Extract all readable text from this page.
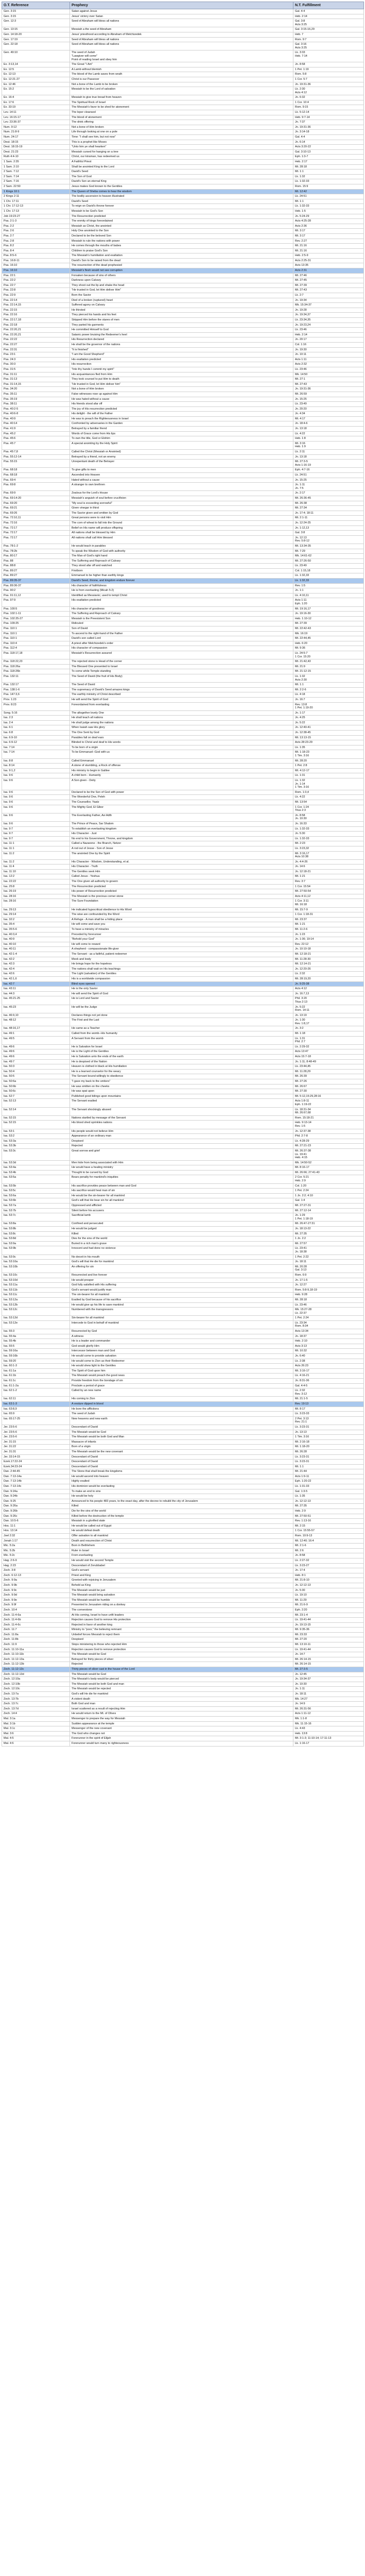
O.T. Reference	Prophecy	N.T. Fulfillment
Gen. 3:15	Satan against Jesus	Gal. 4:4
Gen. 3:15	Jesus' victory over Satan	Heb. 2:14
Gen. 12:3	Seed of Abraham will bless all nations	Gal. 3:8
Acts 3:25
Gen. 13:15	Messiah a the seed of Abraham	Gal. 3:15-16,29
Gen. 14:18-20	Jesus' priesthood according to Abraham of Melchizedek	Heb. 7
Gen. 17:19	Seed of Abraham will bless all nations	Rom. 9:7
Gen. 22:18	Seed of Abraham will bless all nations	Gal. 3:16
Acts 3:25
Gen. 49:10	The seed of Judah
"Lawgiver will come"
Point of reading Israel and obey him	Lk. 3:33
Heb. 7:14
Ex. 3:13,14	The Great "I Am"	Jn. 8:58
Ex. 12:5	A Lamb without blemish	1 Pet. 1:19
Ex. 12:13	The blood of the Lamb saves from wrath	Rom. 5:8
Ex. 12:21-27	Christ is our Passover	1 Cor. 5:7
Ex. 12:46	Not a bone of the Lamb to be broken	Jn. 19:31-36
Ex. 15:2	Messiah to be the Lord of salvation	Lk. 2:30
Acts 4:12
Ex. 16:4	Messiah to give true bread from heaven	Jn. 6:32
Ex. 17:6	The Spiritual Rock of Israel	1 Cor. 10:4
Ex. 33:19	The Messiah's favor to be shed for atonement	Rom. 9:15
Lev. 14:11	The leper cleansed	Lk. 5:12-14
Lev. 16:15-17	The blood of atonement	Heb. 9:7-14
Lev. 23:36-37	The drink offering	Jn. 7:37
Num. 9:12	Not a bone of Him broken	Jn. 19:31-36
Num. 21:8-9	Life through looking at one on a pole	Jn. 3:14-18
Num. 24:17	Time: "I shall see him, but not now"	Gal. 4:4
Deut. 18:15	This is a prophet like Moses	Jn. 6:14
Deut. 18:15-19	"Unto him ye shall hearken"	Acts 3:20-22
Deut. 21:23	Messiah cursed for hanging on a tree	Gal. 3:10-13
Ruth 4:4-10	Christ, our kinsman, has redeemed us	Eph. 1:3-7
1 Sam. 2:35	A Faithful Priest	Heb. 2:17
1 Sam. 2:10	Shall be anointed King to the Lord	Mt. 28:18
2 Sam. 7:12	David's Seed	Mt. 1:1
2 Sam. 7:14	The Son of God	Lk. 1:32
2 Sam. 7:16	David's Son an eternal King	Lk. 1:32-33
2 Sam. 22:50	Jesus makes God known to the Gentiles	Rom. 15:9
1 Kings 10:1	The Queen of Sheba comes to hear the wisdom	Mt. 12:42
2 Kings 2:11	The bodily ascension to heaven illustrated	Lk. 24:51
1 Chr. 17:11	David's Seed	Mt. 1:1
1 Chr. 17:12-13	To reign on David's throne forever	Lk. 1:32-33
1 Chr. 17:13	Messiah to be God's Son	Heb. 1:5
Job 19:23-27	The Resurrection predicted	Jn. 5:24-29
Psa. 2:1-3	The enmity of kings foreordained	Acts 4:25-28
Psa. 2:2	Messiah as Christ, the anointed	Acts 2:36
Psa. 2:6	Holy One anointed to the Son	Mt. 3:17
Psa. 2:7	Declared to be the beloved Son	Mt. 3:17
Psa. 2:8	Messiah to rule the nations with power	Rev. 2:27
Psa. 8:2	He comes through the mouths of babes	Mt. 21:16
Psa. 8:4	Children to praise God's Son	Mt. 21:16
Psa. 8:5-6	The Messiah's humiliation and exaltation	Heb. 2:5-9
Psa. 16:8-11	David's Son to be raised from the dead	Acts 2:25-31
Psa. 16:10	The resurrection of the dead prophesied	Acts 13:35
Psa. 16:10	Messiah's flesh would not see corruption	Acts 2:31
Psa. 22:1	Forsaken because of sins of others	Mt. 27:46
Psa. 22:2	Darkness upon Calvary	Mt. 27:45
Psa. 22:7	They shoot out the lip and shake the head	Mt. 27:39
Psa. 22:8	"He trusted in God, let Him deliver Him"	Mt. 27:43
Psa. 22:9	Born the Savior	Lk. 2:7
Psa. 22:14	Died of a broken (ruptured) heart	Jn. 19:34
Psa. 22:14,15	Suffered agony on Calvary	Mk. 15:34-37
Psa. 22:15	He thirsted	Jn. 19:28
Psa. 22:16	They pierced his hands and his feet	Jn. 19:34,37
Psa. 22:17,18	Stripped Him before the stares of men	Lk. 23:34,35
Psa. 22:18	They parted his garments	Jn. 19:23,24
Psa. 22:20,21	He committed Himself to God	Lk. 23:46
Psa. 22:20,21	Satanic power bruising the Redeemer's heel	Heb. 2:14
Psa. 22:22	His Resurrection declared	Jn. 20:17
Psa. 22:27	He shall be the governor of the nations	Col. 1:16
Psa. 22:31	"It is finished"	Jn. 19:30
Psa. 23:1	"I am the Good Shepherd"	Jn. 10:11
Psa. 24:3	His exaltation predicted	Acts 1:11
Psa. 30:3	His resurrection	Acts 2:32
Psa. 31:5	"Into thy hands I commit my spirit"	Lk. 23:46
Psa. 31:11	His acquaintances fled from Him	Mk. 14:50
Psa. 31:13	They took counsel to put Him to death	Mt. 27:1
Psa. 31:14,15	"He trusted in God, let Him deliver him"	Mt. 27:43
Psa. 34:20	Not a bone of Him broken	Jn. 19:31-36
Psa. 35:11	False witnesses rose up against Him	Mt. 26:59
Psa. 35:19	He was hated without a cause	Jn. 15:25
Psa. 38:11	His friends stood afar off	Lk. 23:49
Psa. 40:2-5	The joy of His resurrection predicted	Jn. 20:20
Psa. 40:6-8	His delight - the will of the Father	Jn. 4:34
Psa. 40:9	He was to preach the Righteousness in Israel	Mt. 4:17
Psa. 40:14	Confronted by adversaries in the Garden	Jn. 18:4-6
Psa. 41:9	Betrayed by a familiar friend	Jn. 13:18
Psa. 45:2	Words of Grace come from His lips	Lk. 4:22
Psa. 45:6	To own the title, God or Elohim	Heb. 1:8
Psa. 45:7	A special anointing by the Holy Spirit	Mt. 3:16
Heb. 1:9
Psa. 45:7,8	Called the Christ (Messiah or Anointed)	Lk. 2:11
Psa. 55:12-14	Betrayed by a friend, not an enemy	Jn. 13:18
Psa. 55:15	Unrepentant death of the Betrayer	Mt. 27:3-5
Acts 1:16-19
Psa. 68:18	To give gifts to men	Eph. 4:7-16
Psa. 68:18	Ascended into Heaven	Lk. 24:51
Psa. 69:4	Hated without a cause	Jn. 15:25
Psa. 69:8	A stranger to own brethren	Jn. 1:11
Jn. 7:5
Psa. 69:9	Zealous for the Lord's House	Jn. 2:17
Psa. 69:14-20	Messiah's anguish of soul before crucifixion	Mt. 26:36-45
Psa. 69:20	"My soul is exceeding sorrowful"	Mt. 26:38
Psa. 69:21	Given vinegar in thirst	Mt. 27:34
Psa. 69:26	The Savior given and smitten by God	Jn. 17:4; 18:11
Psa. 72:10,11	Great persons were to visit Him	Mt. 2:1-11
Psa. 72:16	The corn of wheat to fall into the Ground	Jn. 12:24-25
Psa. 72:17	Belief on His name will produce offspring	Jn. 1:12,13
Psa. 72:17	All nations shall be blessed by Him	Gal. 3:8
Psa. 72:17	All nations shall call Him blessed	Jn. 12:13
Rev. 5:8-12
Psa. 78:1-2	He would teach in parables	Mt. 13:34-35
Psa. 78:2b	To speak the Wisdom of God with authority	Mt. 7:29
Psa. 80:17	The Man of God's right hand	Mk. 14:61-62
Psa. 88	The Suffering and Reproach of Calvary	Mt. 27:26-50
Psa. 88:8	They stood afar off and watched	Lk. 23:49
Psa. 89:27	Firstborn	Col. 1:15,18
Psa. 89:27	Emmanuel to be higher than earthly kings	Lk. 1:32,33
Psa. 89:35-37	David's Seed, throne, and kingdom endure forever	Lk. 1:32,33
Psa. 89:36-37	His character of faithfulness	Rev. 1:5
Psa. 90:2	He is from everlasting (Micah 5:2)	Jn. 1:1
Psa. 91:11,12	Identified as Messianic; used to tempt Christ	Lk. 4:10,11
Psa. 97:9	His exaltation predicted	Acts 1:11
Eph. 1:20
Psa. 100:5	His character of goodness	Mt. 19:16,17
Psa. 102:1-11	The Suffering and Reproach of Calvary	Jn. 19:16-30
Psa. 102:25-27	Messiah is the Preexistent Son	Heb. 1:10-12
Psa. 109:25	Ridiculed	Mt. 27:39
Psa. 110:1	Son of David	Mt. 22:42-43
Psa. 110:1	To ascend to the right-hand of the Father	Mk. 16:19
Psa. 110:1	David's son called Lord	Mt. 22:44,45
Psa. 110:4	A priest after Melchizedek's order	Heb. 6:20
Psa. 112:4	His character of compassion	Mt. 9:36
Psa. 118:17,18	Messiah's Resurrection assured	Lk. 24:5-7
1 Cor. 15:20
Psa. 118:22,23	The rejected stone is Head of the corner	Mt. 21:42,43
Psa. 118:26a	The Blessed One presented to Israel	Mt. 21:9
Psa. 118:26b	To come while Temple standing	Mt. 21:12-15
Psa. 132:11	The Seed of David (the fruit of His Body)	Lk. 1:32
Acts 2:30
Psa. 132:17	The Seed of David	Mt. 1:1
Psa. 138:1-6	The supremacy of David's Seed amazes kings	Mt. 2:2-6
Psa. 147:3,6	The earthly ministry of Christ described	Lk. 4:18
Prov. 1:23	He will send the Spirit of God	Jn. 16:7
Prov. 8:23	Foreordained from everlasting	Rev. 13:8
1 Pet. 1:19-20
Song. 5:16	The altogether lovely One	Jn. 1:17
Isa. 2:3	He shall teach all nations	Jn. 4:25
Isa. 2:4	He shall judge among the nations	Jn. 5:22
Isa. 6:1	When Isaiah saw His glory	Jn. 12:40-41
Isa. 6:8	The One Sent by God	Jn. 12:38-45
Isa. 6:9-10	Parables fall on deaf ears	Mt. 13:13-15
Isa. 6:9-12	Blinded to Christ and deaf to His words	Acts 28:23-29
Isa. 7:14	To be born of a virgin	Lk. 1:35
Isa. 7:14	To be Emmanuel--God with us	Mt. 1:18-23
1 Tim. 3:16
Isa. 8:8	Called Emmanuel	Mt. 28:20
Isa. 8:14	A stone of stumbling, a Rock of offense	1 Pet. 2:8
Isa. 9:1,2	His ministry to begin in Galilee	Mt. 4:12-17
Isa. 9:6	A child born - Humanity	Lk. 1:31
Isa. 9:6	A Son given - Deity	Lk. 1:32
Jn. 1:14
1 Tim. 3:16
Isa. 9:6	Declared to be the Son of God with power	Rom. 1:3,4
Isa. 9:6	The Wonderful One, Peleh	Lk. 4:22
Isa. 9:6	The Counsellor, Yaatz	Mt. 13:54
Isa. 9:6	The Mighty God, El Gibor	1 Cor. 1:24
Titus 2:3
Isa. 9:6	The Everlasting Father, Avi Adth	Jn. 8:58
Jn. 10:30
Isa. 9:6	The Prince of Peace, Sar Shalom	Jn. 16:33
Isa. 9:7	To establish an everlasting kingdom	Lk. 1:32-33
Isa. 9:7	His Character - Just	Jn. 5:30
Isa. 9:7	No end to his Government, Throne, and kingdom	Lk. 1:32-33
Isa. 11:1	Called a Nazarene - the Branch, Netzer	Mt. 2:23
Isa. 11:1	A rod out of Jesse - Son of Jesse	Lk. 3:23,32
Isa. 11:2	The anointed One by the Spirit	Mt. 3:16,17
Acts 10:38
Isa. 11:2	His Character - Wisdom, Understanding, et al.	Jn. 4:4-26
Isa. 11:4	His Character - Truth	Jn. 14:6
Isa. 11:10	The Gentiles seek Him	Jn. 12:18-21
Isa. 12:2	Called Jesus - Yeshua	Mt. 1:21
Isa. 22:22	The One given all authority to govern	Rev. 3:7
Isa. 25:8	The Resurrection predicted	1 Cor. 15:54
Isa. 26:19	His power of Resurrection predicted	Mt. 27:50-54
Isa. 28:16	The Messiah is the precious corner stone	Acts 4:11,12
Isa. 28:16	The Sure Foundation	1 Cor. 3:11
Mt. 16:18
Isa. 29:13	He indicated hypocritical obedience to His Word	Mt. 15:7-9
Isa. 29:14	The wise are confounded by the Word	1 Cor. 1:18-31
Isa. 32:2	A Refuge - A man shall be a hiding place	Mt. 23:37
Isa. 35:4	He will come and save you	Mt. 1:21
Isa. 35:5-6	To have a ministry of miracles	Mt. 11:2-6
Isa. 40:3,4	Preceded by forerunner	Jn. 1:23
Isa. 40:9	"Behold your God"	Jn. 1:36; 19:14
Isa. 40:10	He will come to reward	Rev. 22:12
Isa. 40:11	A shepherd - compassionate life-giver	Jn. 10:10-18
Isa. 42:1-4	The Servant - as a faithful, patient redeemer	Mt. 12:18-21
Isa. 42:2	Meek and lowly	Mt. 11:28-30
Isa. 42:3	He brings hope for the hopeless	Mt. 12:14-21
Isa. 42:4	The nations shall wait on His teachings	Jn. 12:20-26
Isa. 42:6	The Light (salvation) of the Gentiles	Lk. 2:32
Isa. 42:1,6	His is a worldwide compassion	Mt. 28:19,20
Isa. 42:7	Blind eyes opened	Jn. 9:25-38
Isa. 43:11	He is the only Savior	Acts 4:12
Isa. 44:3	He will send the Spirit of God	Jn. 16:7,13
Isa. 45:21-25	He is Lord and Savior	Phil. 3:20
Titus 2:13
Isa. 45:23	He will be the Judge	Jn. 5:22
Rom. 14:11
Isa. 46:9,10	Declares things not yet done	Jn. 13:19
Isa. 48:12	The First and the Last	Jn. 1:30
Rev. 1:8,17
Isa. 48:16,17	He came as a Teacher	Jn. 3:2
Isa. 49:1	Called from the womb--His humanity	Mt. 1:18
Isa. 49:5	A Servant from the womb	Lk. 1:31
Phil. 2:7
Isa. 49:6	He is Salvation for Israel	Lk. 2:29-32
Isa. 49:6	He is the Light of the Gentiles	Acts 13:47
Isa. 49:6	He is Salvation unto the ends of the earth	Acts 15:7-18
Isa. 49:7	He is despised of the Nation	Jn. 1:11; 8:48-49
Isa. 50:3	Heaven is clothed in black at His humiliation	Lk. 23:44,45
Isa. 50:4	He is a learned counselor for the weary	Mt. 11:28,29
Isa. 50:5	The Servant bound willingly to obedience	Mt. 26:39
Isa. 50:6a	"I gave my back to the smiters"	Mt. 27:26
Isa. 50:6b	He was smitten on the cheeks	Mt. 26:67
Isa. 50:6c	He was spat upon	Mt. 27:30
Isa. 52:7	Published good tidings upon mountains	Mt. 5:12,15:29,28:16
Isa. 52:13	The Servant exalted	Acts 1:8-11
Eph. 1:19-22
Isa. 52:14	The Servant shockingly abused	Lk. 18:31-34
Mt. 26:67,68
Isa. 52:15	Nations startled by message of the Servant	Rom. 15:18-21
Isa. 52:15	His blood shed sprinkles nations	Heb. 9:13-14
Rev. 1:5
Isa. 53:1	His people would not believe Him	Jn. 12:37-38
Isa. 53:2	Appearance of an ordinary man	Phil. 2:7-8
Isa. 53:3a	Despised	Lk. 4:28-29
Isa. 53:3b	Rejected	Mt. 27:21-23
Isa. 53:3c	Great sorrow and grief	Mt. 26:37-38
Lk. 19:41
Heb. 4:15
Isa. 53:3d	Men hide from being associated with Him	Mk. 14:50-52
Isa. 53:4a	He would have a healing ministry	Mt. 8:16-17
Isa. 53:4b	Thought to be cursed by God	Mt. 26:66; 27:41-43
Isa. 53:5a	Bears penalty for mankind's iniquities	2 Cor. 5:21
Heb. 2:9
Isa. 53:5b	His sacrifice provides peace between man and God	Col. 1:20
Isa. 53:5c	His sacrifice would heal man of sin	1 Pet. 2:24
Isa. 53:6a	He would be the sin-bearer for all mankind	1 Jn. 2:2; 4:10
Isa. 53:6b	God's will that He bear sin for all mankind	Gal. 1:4
Isa. 53:7a	Oppressed and afflicted	Mt. 27:27-31
Isa. 53:7b	Silent before his accusers	Mt. 27:12-14
Isa. 53:7c	Sacrificial lamb	Jn. 1:29
1 Pet. 1:18-19
Isa. 53:8a	Confined and persecuted	Mt. 26:47-27:31
Isa. 53:8b	He would be judged	Jn. 18:13-22
Isa. 53:8c	Killed	Mt. 27:35
Isa. 53:8d	Dies for the sins of the world	1 Jn. 2:2
Isa. 53:9a	Buried in a rich man's grave	Mt. 27:57
Isa. 53:9b	Innocent and had done no violence	Lk. 23:41
Jn. 18:38
Isa. 53:9c	No deceit in his mouth	1 Pet. 2:22
Isa. 53:10a	God's will that He die for mankind	Jn. 18:11
Isa. 53:10b	An offering for sin	Mt. 20:28
Gal. 3:13
Isa. 53:10c	Resurrected and live forever	Rom. 6:9
Isa. 53:10d	He would prosper	Jn. 17:1-5
Isa. 53:11a	God fully satisfied with His suffering	Jn. 12:27
Isa. 53:11b	God's servant would justify man	Rom. 5:8-9,18-19
Isa. 53:11c	The sin-bearer for all mankind	Heb. 9:28
Isa. 53:12a	Exalted by God because of his sacrifice	Mt. 28:18
Isa. 53:12b	He would give up his life to save mankind	Lk. 23:46
Isa. 53:12c	Numbered with the transgressors	Mk. 15:27-28
Lk. 22:37
Isa. 53:12d	Sin-bearer for all mankind	1 Pet. 2:24
Isa. 53:12e	Intercede to God in behalf of mankind	Lk. 23:34
Rom. 8:34
Isa. 55:3	Resurrected by God	Acts 13:34
Isa. 55:4a	A witness	Jn. 18:37
Isa. 55:4b	He is a leader and commander	Heb. 2:10
Isa. 55:5	God would glorify Him	Acts 3:13
Isa. 59:16a	Intercessor between man and God	Mt. 10:32
Isa. 59:16b	He would come to provide salvation	Jn. 6:40
Isa. 59:20	He would come to Zion as their Redeemer	Lk. 2:38
Isa. 60:1-3	He would shew light to the Gentiles	Acts 26:23
Isa. 61:1a	The Spirit of God upon him	Mt. 3:16-17
Isa. 61:1b	The Messiah would preach the good news	Lk. 4:16-21
Isa. 61:1c	Provide freedom from the bondage of sin	Jn. 8:31-36
Isa. 61:1-2a	Proclaim a period of grace	Gal. 4:4-5
Isa. 62:1-2	Called by an new name	Lk. 2:32
Rev. 3:12
Isa. 62:11	His coming to Zion	Mt. 21:1-5
Isa. 63:1-3	A vesture dipped in blood	Rev. 19:13
Isa. 63:8,9	He bore the afflictions	Mt. 8:17
Isa. 65:9	The seed of Judah	Lk. 3:23-33
Isa. 65:17-25	New heavens and new earth	2 Pet. 3:13
Rev. 21:1
Jer. 23:5-6	Descendant of David	Lk. 3:23-31
Jer. 23:5-6	The Messiah would be God	Jn. 13:13
Jer. 23:5-6	The Messiah would be both God and Man	1 Tim. 3:16
Jer. 31:15	Massacre of infants	Mt. 2:16-18
Jer. 31:22	Born of a virgin	Mt. 1:18-20
Jer. 31:31	The Messiah would be the new covenant	Mt. 26:28
Jer. 33:14-15	Descendant of David	Lk. 3:23-31
Ezek.17:22-24	Descendant of David	Lk. 3:23-31
Ezek.34:23-24	Descendant of David	Mt. 1:1
Dan. 2:44-45	The Stone that shall break the kingdoms	Mt. 21:44
Dan. 7:13-14a	He would ascend into heaven	Acts 1:9-11
Dan. 7:13-14b	Highly exalted	Eph. 1:20-22
Dan. 7:13-14c	His dominion would be everlasting	Lk. 1:31-33
Dan. 9:24a	To make an end to sins	Gal. 1:3-5
Dan. 9:24b	He would be holy	Lk. 1:35
Dan. 9:25	Announced to his people 483 years, to the exact day, after the decree to rebuild the city of Jerusalem	Jn. 12:12-13
Dan. 9:26a	Killed	Mt. 27:35
Dan. 9:26b	Die for the sins of the world	Heb. 2:9
Dan. 9:26c	Killed before the destruction of the temple	Mt. 27:50-51
Dan. 10:5-6	Messiah in a glorified state	Rev. 1:13-16
Hos. 11:1	He would be called out of Egypt	Mt. 2:15
Hos. 13:14	He would defeat death	1 Cor. 15:55-57
Joel 2:32	Offer salvation to all mankind	Rom. 10:9-13
Jonah 1:17	Death and resurrection of Christ	Mt. 12:40; 16:4
Mic. 5:2a	Born in Bethlehem	Mt. 2:1-6
Mic. 5:2b	Ruler in Israel	Mt. 2:6
Mic. 5:2c	From everlasting	Jn. 8:58
Hag. 2:6-9	He would visit the second Temple	Lk. 2:27-32
Hag. 2:23	Descendant of Zerubbabel	Lk. 3:23-27
Zech. 3:8	God's servant	Jn. 17:4
Zech. 6:12-13	Priest and King	Heb. 8:1
Zech. 9:9a	Greeted with rejoicing in Jerusalem	Mt. 21:8-10
Zech. 9:9b	Beheld as King	Jn. 12:12-13
Zech. 9:9c	The Messiah would be just	Jn. 5:30
Zech. 9:9d	The Messiah would bring salvation	Lk. 19:10
Zech. 9:9e	The Messiah would be humble	Mt. 11:29
Zech. 9:9f	Presented to Jerusalem riding on a donkey	Mt. 21:6-9
Zech. 10:4	The cornerstone	Eph. 2:20
Zech. 11:4-6a	At His coming, Israel to have unfit leaders	Mt. 23:1-4
Zech. 11:4-6b	Rejection causes God to remove His protection	Lk. 19:41-44
Zech. 11:4-6c	Rejected in favor of another king	Jn. 19:13-15
Zech. 11:7	Ministry to "poor," the believing remnant	Mt. 9:35-36
Zech. 11:8a	Unbelief forces Messiah to reject them	Mt. 23:33
Zech. 11:8b	Despised	Mt. 27:20
Zech. 11:9	Stops ministering to those who rejected Him	Mt. 13:10-11
Zech. 11:10-11a	Rejection causes God to remove protection	Lk. 19:41-44
Zech. 11:10-11b	The Messiah would be God	Jn. 14:7
Zech. 11:12-13a	Betrayed for thirty pieces of silver	Mt. 26:14-15
Zech. 11:12-13b	Rejected	Mt. 26:14-15
Zech. 11:12-13c	Thirty pieces of silver cast in the house of the Lord	Mt. 27:3-5
Zech. 11:12-13d	The Messiah would be God	Jn. 12:45
Zech. 12:10a	The Messiah's body would be pierced	Jn. 19:34-37
Zech. 12:10b	The Messiah would be both God and man	Jn. 10:30
Zech. 12:10c	The Messiah would be rejected	Jn. 1:11
Zech. 13:7a	God's will He die for mankind	Jn. 18:11
Zech. 13:7b	A violent death	Mk. 14:27
Zech. 13:7c	Both God and man	Jn. 14:9
Zech. 13:7d	Israel scattered as a result of rejecting Him	Mt. 26:31-56
Zech. 14:4	He would return to the Mt. of Olives	Acts 1:11-12
Mal. 3:1a	Messenger to prepare the way for Messiah	Mk. 1:1-8
Mal. 3:1b	Sudden appearance at the temple	Mk. 11:15-16
Mal. 3:1c	Messenger of the new covenant	Lk. 4:43
Mal. 3:6	The God who changes not	Heb. 13:8
Mal. 4:5	Forerunner in the spirit of Elijah	Mt. 3:1-3; 11:10-14; 17:11-13
Mal. 4:6	Forerunner would turn many to righteousness	Lk. 1:16-17
